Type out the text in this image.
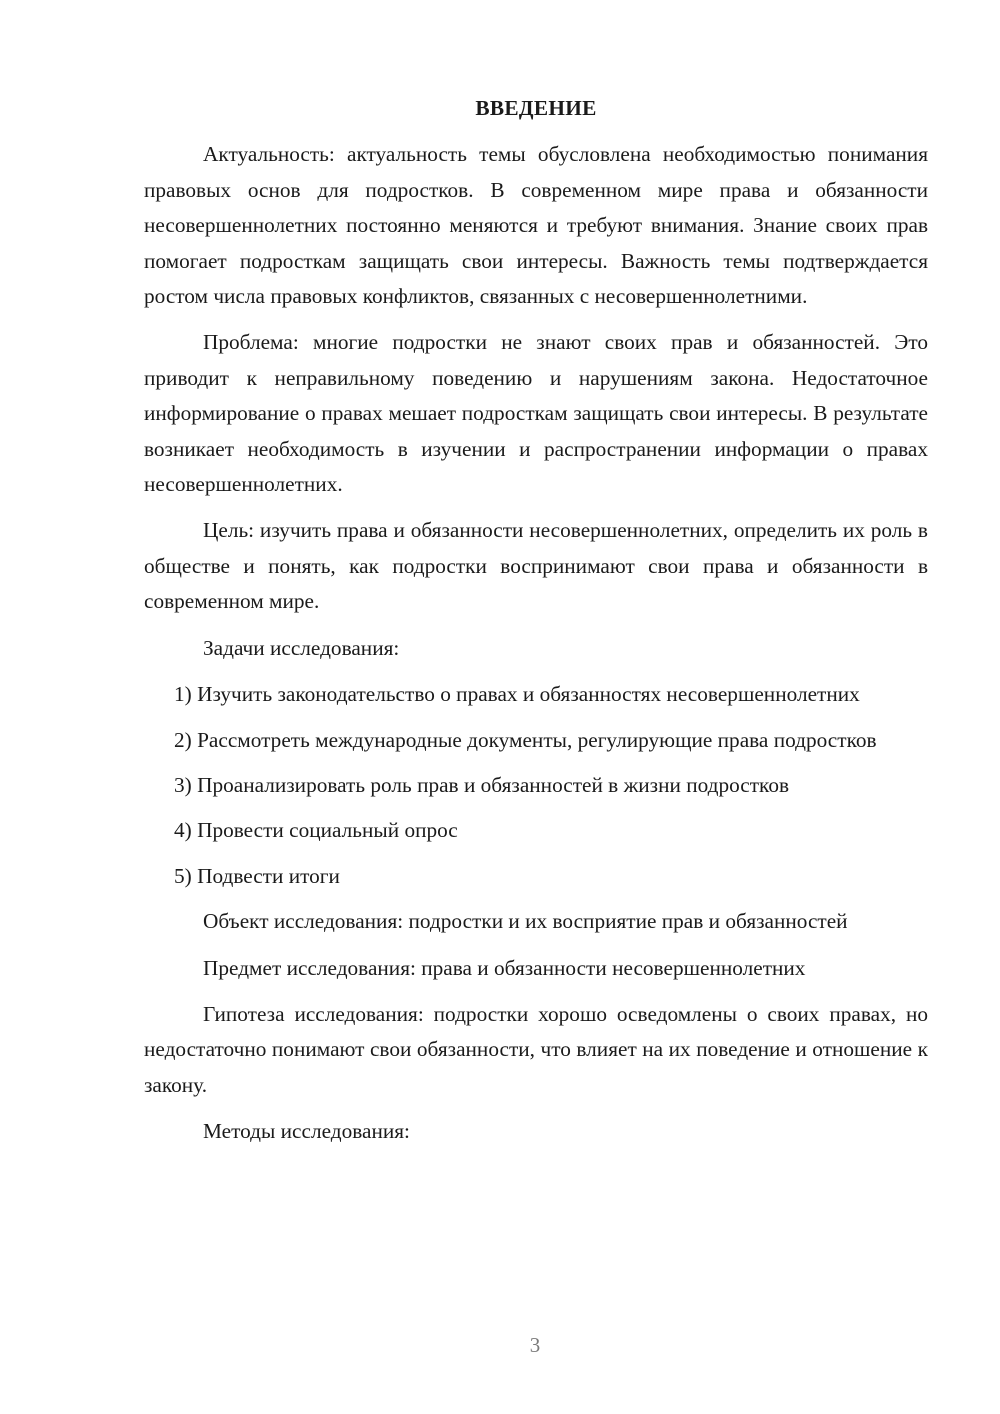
ВВЕДЕНИЕ

Актуальность: актуальность темы обусловлена необходимостью понимания правовых основ для подростков. В современном мире права и обязанности несовершеннолетних постоянно меняются и требуют внимания. Знание своих прав помогает подросткам защищать свои интересы. Важность темы подтверждается ростом числа правовых конфликтов, связанных с несовершеннолетними.

Проблема: многие подростки не знают своих прав и обязанностей. Это приводит к неправильному поведению и нарушениям закона. Недостаточное информирование о правах мешает подросткам защищать свои интересы. В результате возникает необходимость в изучении и распространении информации о правах несовершеннолетних.

Цель: изучить права и обязанности несовершеннолетних, определить их роль в обществе и понять, как подростки воспринимают свои права и обязанности в современном мире.

Задачи исследования:

1) Изучить законодательство о правах и обязанностях несовершеннолетних

2) Рассмотреть международные документы, регулирующие права подростков

3) Проанализировать роль прав и обязанностей в жизни подростков

4) Провести социальный опрос

5) Подвести итоги

Объект исследования: подростки и их восприятие прав и обязанностей

Предмет исследования: права и обязанности несовершеннолетних

Гипотеза исследования: подростки хорошо осведомлены о своих правах, но недостаточно понимают свои обязанности, что влияет на их поведение и отношение к закону.

Методы исследования:

3
